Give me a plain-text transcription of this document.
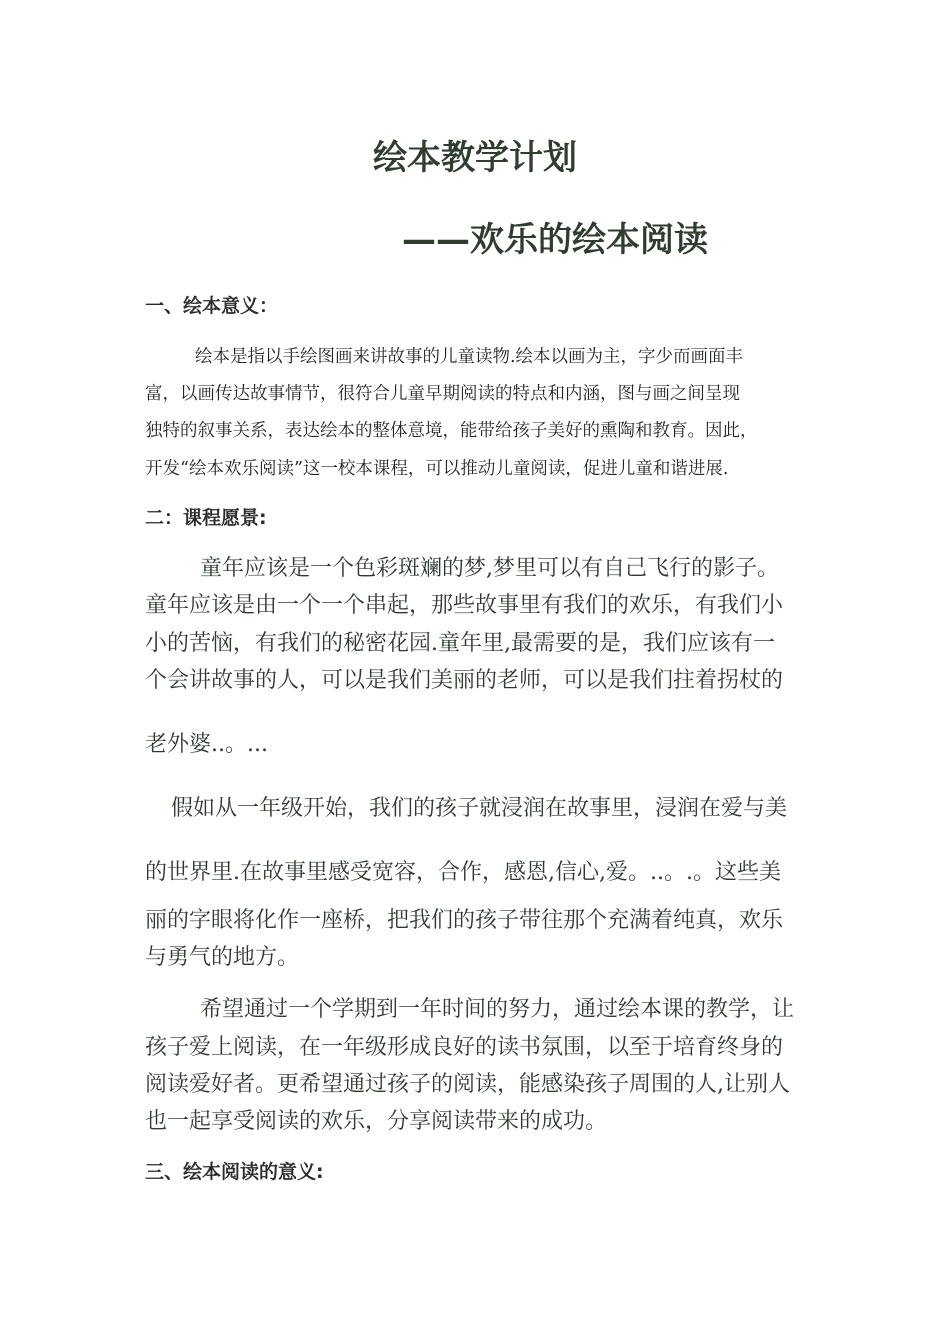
绘本教学计划
——欢乐的绘本阅读
一、绘本意义：
绘本是指以手绘图画来讲故事的儿童读物.绘本以画为主，字少而画面丰
富，以画传达故事情节，很符合儿童早期阅读的特点和内涵，图与画之间呈现
独特的叙事关系，表达绘本的整体意境，能带给孩子美好的熏陶和教育。因此，
开发“绘本欢乐阅读”这一校本课程，可以推动儿童阅读，促进儿童和谐进展.
二：课程愿景:
童年应该是一个色彩斑斓的梦,梦里可以有自己飞行的影子。
童年应该是由一个一个串起，那些故事里有我们的欢乐，有我们小
小的苦恼，有我们的秘密花园.童年里,最需要的是，我们应该有一
个会讲故事的人，可以是我们美丽的老师，可以是我们拄着拐杖的
老外婆..。...
假如从一年级开始，我们的孩子就浸润在故事里，浸润在爱与美
的世界里.在故事里感受宽容，合作，感恩,信心,爱。..。.。这些美
丽的字眼将化作一座桥，把我们的孩子带往那个充满着纯真，欢乐
与勇气的地方。
希望通过一个学期到一年时间的努力，通过绘本课的教学，让
孩子爱上阅读，在一年级形成良好的读书氛围，以至于培育终身的
阅读爱好者。更希望通过孩子的阅读，能感染孩子周围的人,让别人
也一起享受阅读的欢乐，分享阅读带来的成功。
三、绘本阅读的意义:
